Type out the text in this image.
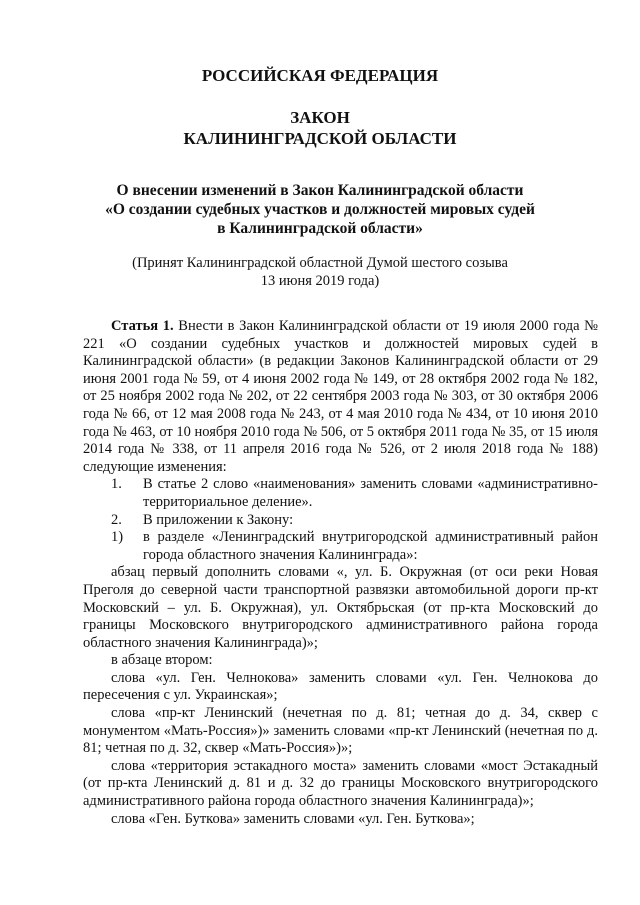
РОССИЙСКАЯ ФЕДЕРАЦИЯ

ЗАКОН
КАЛИНИНГРАДСКОЙ ОБЛАСТИ
О внесении изменений в Закон Калининградской области
«О создании судебных участков и должностей мировых судей
в Калининградской области»
(Принят Калининградской областной Думой шестого созыва
13 июня 2019 года)

Статья 1. Внести в Закон Калининградской области от 19 июля 2000 года № 221 «О создании судебных участков и должностей мировых судей в Калининградской области» (в редакции Законов Калининградской области от 29 июня 2001 года № 59, от 4 июня 2002 года № 149, от 28 октября 2002 года № 182, от 25 ноября 2002 года № 202, от 22 сентября 2003 года № 303, от 30 октября 2006 года № 66, от 12 мая 2008 года № 243, от 4 мая 2010 года № 434, от 10 июня 2010 года № 463, от 10 ноября 2010 года № 506, от 5 октября 2011 года № 35, от 15 июля 2014 года № 338, от 11 апреля 2016 года № 526, от 2 июля 2018 года № 188) следующие изменения:

1.	В статье 2 слово «наименования» заменить словами «административно-территориальное деление».
2.	В приложении к Закону:
1)	в разделе «Ленинградский внутригородской административный район города областного значения Калининграда»:

абзац первый дополнить словами «, ул. Б. Окружная (от оси реки Новая Преголя до северной части транспортной развязки автомобильной дороги пр-кт Московский – ул. Б. Окружная), ул. Октябрьская (от пр-кта Московский до границы Московского внутригородского административного района города областного значения Калининграда)»;

в абзаце втором:

слова «ул. Ген. Челнокова» заменить словами «ул. Ген. Челнокова до пересечения с ул. Украинская»;

слова «пр-кт Ленинский (нечетная по д. 81; четная до д. 34, сквер с монументом «Мать-Россия»)» заменить словами «пр-кт Ленинский (нечетная по д. 81; четная по д. 32, сквер «Мать-Россия»)»;

слова «территория эстакадного моста» заменить словами «мост Эстакадный (от пр-кта Ленинский д. 81 и д. 32 до границы Московского внутригородского административного района города областного значения Калининграда)»;

слова «Ген. Буткова» заменить словами «ул. Ген. Буткова»;
